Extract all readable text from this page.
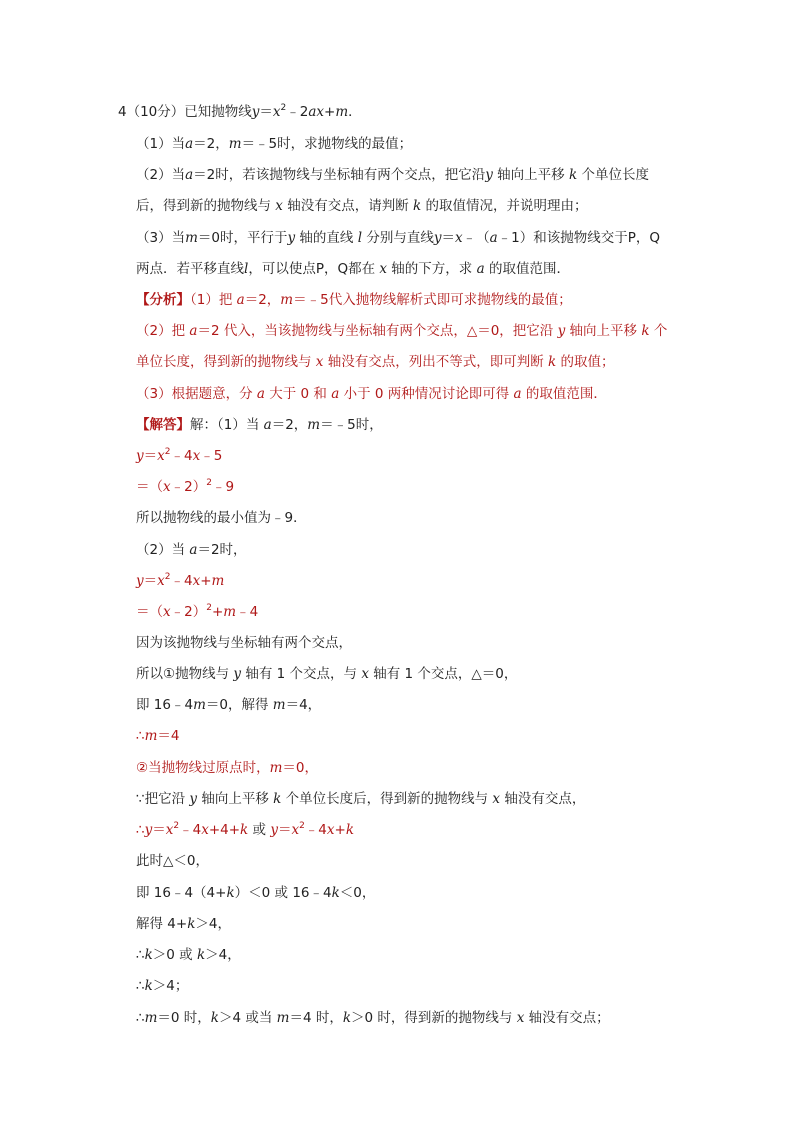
4（10分）已知抛物线$y=x^2﹣2ax+m$．
（1）当a＝2，m＝﹣5时，求抛物线的最值；
（2）当a＝2时，若该抛物线与坐标轴有两个交点，把它沿y 轴向上平移 k 个单位长度
后，得到新的抛物线与 x 轴没有交点，请判断 k 的取值情况，并说明理由；
（3）当m＝0时，平行于y 轴的直线 l 分别与直线y＝x﹣（a﹣1）和该抛物线交于P，Q
两点．若平移直线l，可以使点P，Q都在 x 轴的下方，求 a 的取值范围．
【分析】（1）把 a＝2，m＝﹣5代入抛物线解析式即可求抛物线的最值；
（2）把 a＝2 代入，当该抛物线与坐标轴有两个交点，△＝0，把它沿 y 轴向上平移 k 个
单位长度，得到新的抛物线与 x 轴没有交点，列出不等式，即可判断 k 的取值；
（3）根据题意，分 a 大于 0 和 a 小于 0 两种情况讨论即可得 a 的取值范围．
【解答】解：（1）当 a＝2，m＝﹣5时，
$y=x^2﹣4x﹣5$
＝（x﹣2）$^2$﹣9
所以抛物线的最小值为﹣9．
（2）当 a＝2时，
$y=x^2﹣4x+m$
＝（x﹣2）$^2$+m﹣4
因为该抛物线与坐标轴有两个交点，
所以①抛物线与 y 轴有 1 个交点，与 x 轴有 1 个交点，△＝0，
即 16﹣4m＝0，解得 m＝4，
∴m＝4
②当抛物线过原点时，m＝0，
∵把它沿 y 轴向上平移 k 个单位长度后，得到新的抛物线与 x 轴没有交点，
$\therefore y=x^2﹣4x+4+k$ 或 $y=x^2﹣4x+k$
此时△＜0，
即 16﹣4（4+k）＜0 或 16﹣4k＜0，
解得 4+k＞4，
∴k＞0 或 k＞4，
∴k＞4；
∴m＝0 时，k＞4 或当 m＝4 时，k＞0 时，得到新的抛物线与 x 轴没有交点；
